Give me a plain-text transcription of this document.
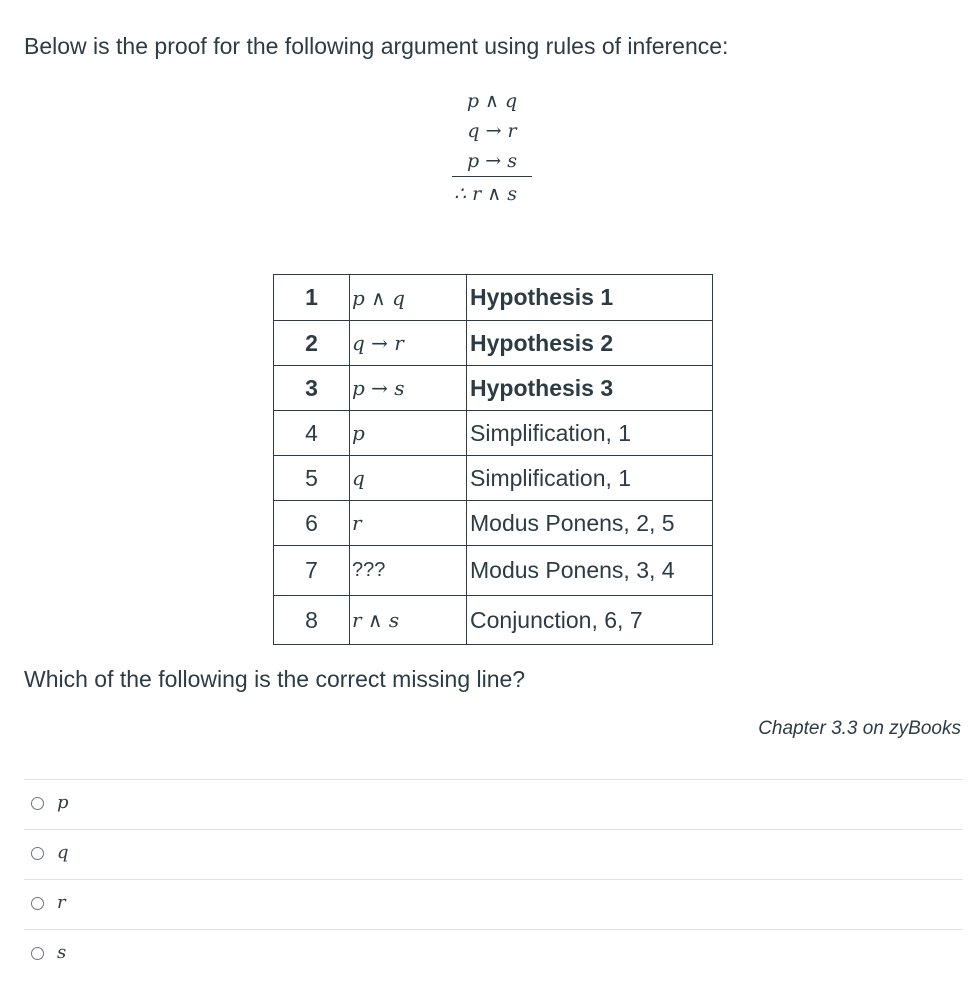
Below is the proof for the following argument using rules of inference:

p ∧ q
q → r
p → s
∴ r ∧ s
1	p ∧ q	Hypothesis 1
2	q → r	Hypothesis 2
3	p → s	Hypothesis 3
4	p	Simplification, 1
5	q	Simplification, 1
6	r	Modus Ponens, 2, 5
7	???	Modus Ponens, 3, 4
8	r ∧ s	Conjunction, 6, 7

Which of the following is the correct missing line?

Chapter 3.3 on zyBooks
p
q
r
s
